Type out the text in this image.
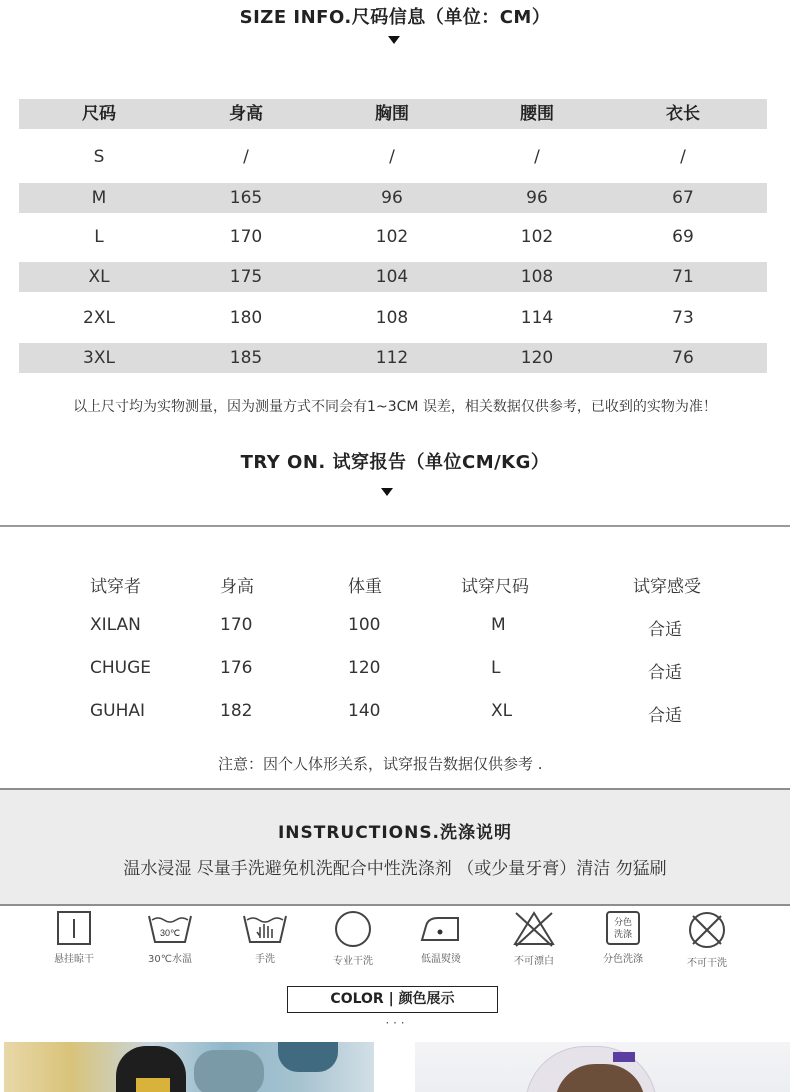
SIZE INFO.尺码信息（单位：CM）
尺码	身高	胸围	腰围	衣长
S	/	/	/	/
M	165	96	96	67
L	170	102	102	69
XL	175	104	108	71
2XL	180	108	114	73
3XL	185	112	120	76
以上尺寸均为实物测量，因为测量方式不同会有1~3CM 误差，相关数据仅供参考，已收到的实物为准！
TRY ON. 试穿报告（单位CM/KG）
试穿者	身高	体重	试穿尺码	试穿感受
XILAN	170	100	M	合适
CHUGE	176	120	L	合适
GUHAI	182	140	XL	合适
注意：因个人体形关系，试穿报告数据仅供参考 .
INSTRUCTIONS.洗涤说明
温水浸湿 尽量手洗避免机洗配合中性洗涤剂 （或少量牙膏）清洁 勿猛刷
悬挂晾干
30℃
30℃水温	手洗	专业干洗	低温熨烫	不可漂白
分色
洗涤
分色洗涤	不可干洗
COLOR | 颜色展示
· · ·
